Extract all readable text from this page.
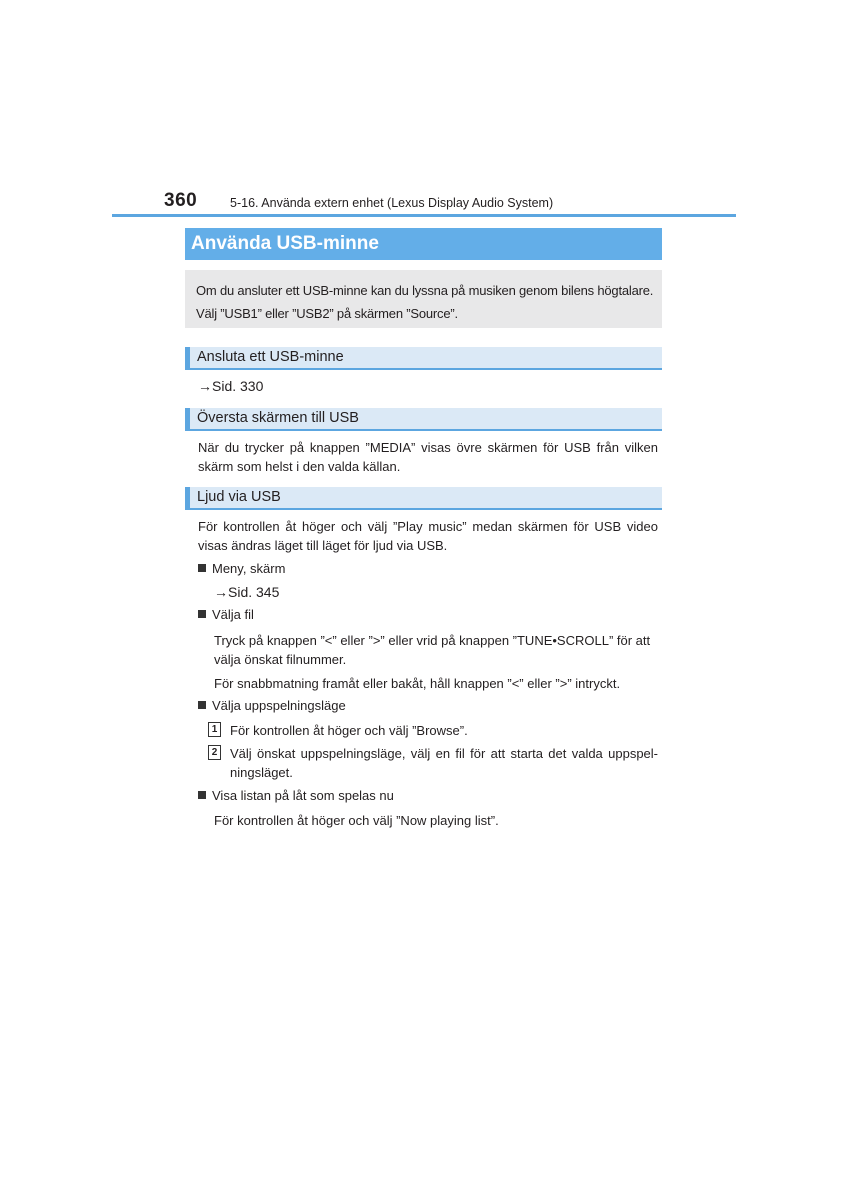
360	5-16. Använda extern enhet (Lexus Display Audio System)
Använda USB-minne
Om du ansluter ett USB-minne kan du lyssna på musiken genom bilens högtalare.
Välj ”USB1” eller ”USB2” på skärmen ”Source”.
Ansluta ett USB-minne
→Sid. 330
Översta skärmen till USB
När du trycker på knappen ”MEDIA” visas övre skärmen för USB från vilken skärm som helst i den valda källan.
Ljud via USB
För kontrollen åt höger och välj ”Play music” medan skärmen för USB video visas ändras läget till läget för ljud via USB.
Meny, skärm
→Sid. 345
Välja fil
Tryck på knappen ”<” eller ”>” eller vrid på knappen ”TUNE•SCROLL” för att välja önskat filnummer.
För snabbmatning framåt eller bakåt, håll knappen ”<” eller ”>” intryckt.
Välja uppspelningsläge
1 För kontrollen åt höger och välj ”Browse”.
2 Välj önskat uppspelningsläge, välj en fil för att starta det valda uppspel-ningsläget.
Visa listan på låt som spelas nu
För kontrollen åt höger och välj ”Now playing list”.
